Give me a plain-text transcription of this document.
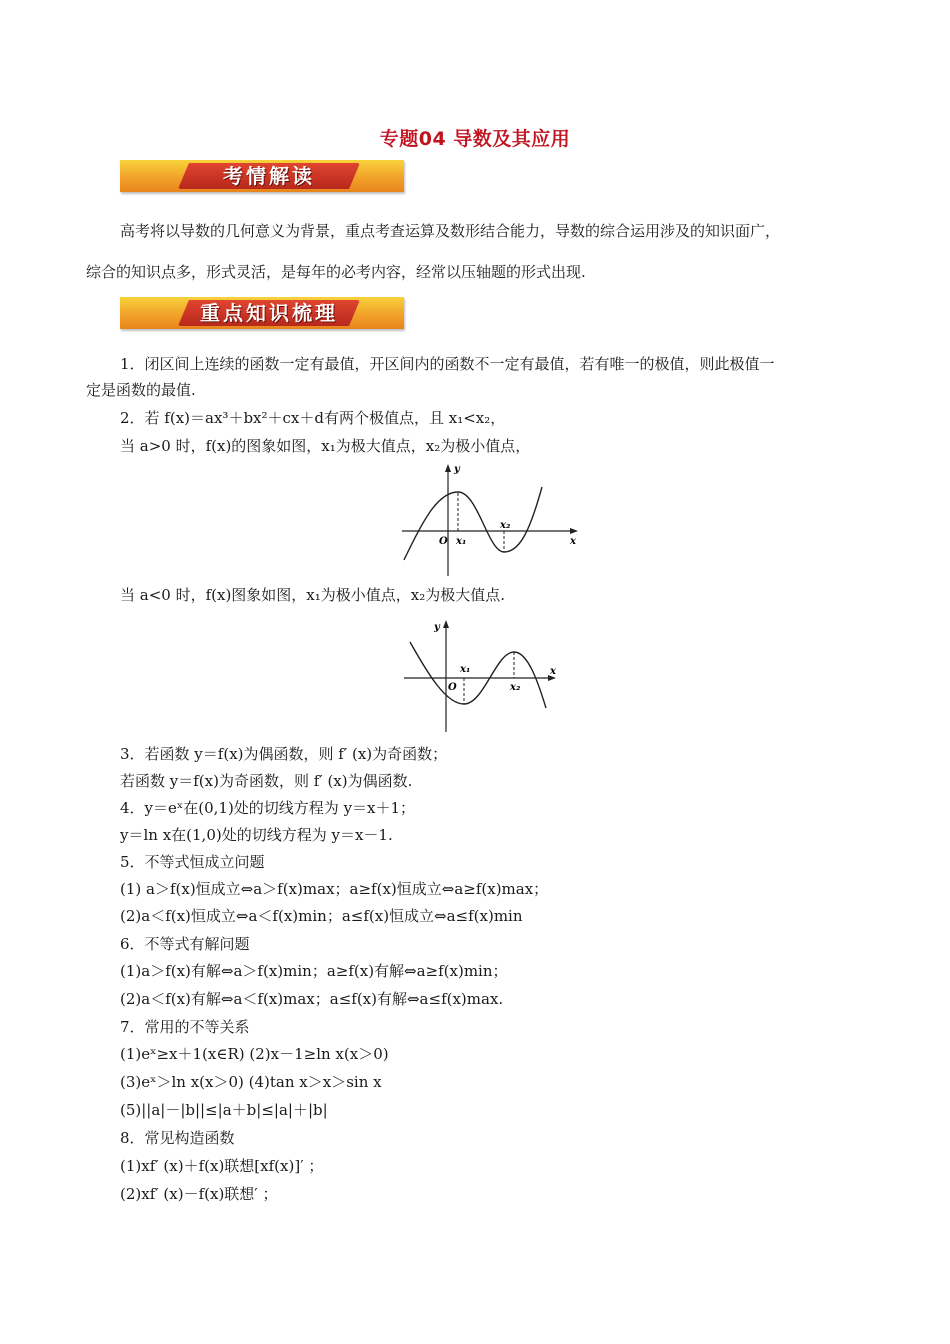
专题04 导数及其应用
考情解读
高考将以导数的几何意义为背景，重点考查运算及数形结合能力，导数的综合运用涉及的知识面广，
综合的知识点多，形式灵活，是每年的必考内容，经常以压轴题的形式出现.
重点知识梳理
1．闭区间上连续的函数一定有最值，开区间内的函数不一定有最值，若有唯一的极值，则此极值一
定是函数的最值.
2．若 f(x)＝ax³＋bx²＋cx＋d有两个极值点，且 x₁<x₂，
当 a>0 时，f(x)的图象如图，x₁为极大值点，x₂为极小值点，
y
x
O x₁
x₂
当 a<0 时，f(x)图象如图，x₁为极小值点，x₂为极大值点.
y
x
O
x₁
x₂
3．若函数 y＝f(x)为偶函数，则 f′ (x)为奇函数；
若函数 y＝f(x)为奇函数，则 f′ (x)为偶函数.
4．y＝eˣ在(0,1)处的切线方程为 y＝x＋1；
y＝ln x在(1,0)处的切线方程为 y＝x－1.
5．不等式恒成立问题
(1) a＞f(x)恒成立⇔a＞f(x)max；a≥f(x)恒成立⇔a≥f(x)max；
(2)a＜f(x)恒成立⇔a＜f(x)min；a≤f(x)恒成立⇔a≤f(x)min
6．不等式有解问题
(1)a＞f(x)有解⇔a＞f(x)min；a≥f(x)有解⇔a≥f(x)min；
(2)a＜f(x)有解⇔a＜f(x)max；a≤f(x)有解⇔a≤f(x)max.
7．常用的不等关系
(1)eˣ≥x＋1(x∈R) (2)x－1≥ln x(x＞0)
(3)eˣ＞ln x(x＞0) (4)tan x＞x＞sin x
(5)||a|－|b||≤|a＋b|≤|a|＋|b|
8．常见构造函数
(1)xf′ (x)＋f(x)联想[xf(x)]′ ；
(2)xf′ (x)－f(x)联想′ ；
